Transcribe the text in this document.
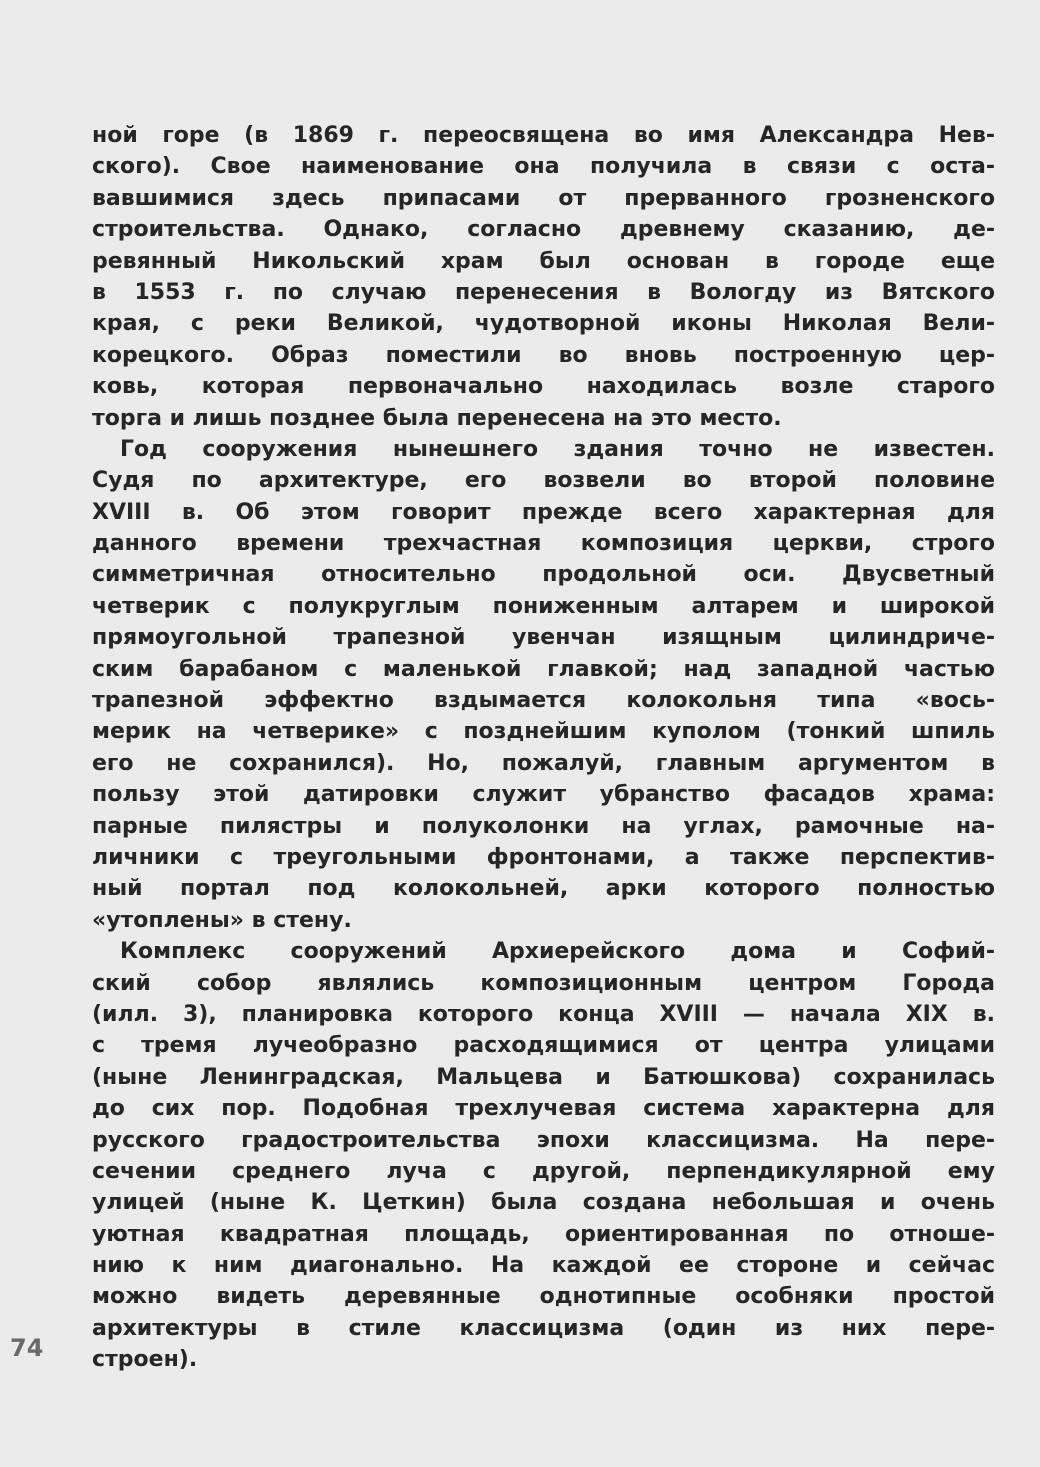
ной горе (в 1869 г. переосвящена во имя Александра Нев-
ского). Свое наименование она получила в связи с оста-
вавшимися здесь припасами от прерванного грозненского
строительства. Однако, согласно древнему сказанию, де-
ревянный Никольский храм был основан в городе еще
в 1553 г. по случаю перенесения в Вологду из Вятского
края, с реки Великой, чудотворной иконы Николая Вели-
корецкого. Образ поместили во вновь построенную цер-
ковь, которая первоначально находилась возле старого
торга и лишь позднее была перенесена на это место.
Год сооружения нынешнего здания точно не известен.
Судя по архитектуре, его возвели во второй половине
XVIII в. Об этом говорит прежде всего характерная для
данного времени трехчастная композиция церкви, строго
симметричная относительно продольной оси. Двусветный
четверик с полукруглым пониженным алтарем и широкой
прямоугольной трапезной увенчан изящным цилиндриче-
ским барабаном с маленькой главкой; над западной частью
трапезной эффектно вздымается колокольня типа «вось-
мерик на четверике» с позднейшим куполом (тонкий шпиль
его не сохранился). Но, пожалуй, главным аргументом в
пользу этой датировки служит убранство фасадов храма:
парные пилястры и полуколонки на углах, рамочные на-
личники с треугольными фронтонами, а также перспектив-
ный портал под колокольней, арки которого полностью
«утоплены» в стену.
Комплекс сооружений Архиерейского дома и Софий-
ский собор являлись композиционным центром Города
(илл. 3), планировка которого конца XVIII — начала XIX в.
с тремя лучеобразно расходящимися от центра улицами
(ныне Ленинградская, Мальцева и Батюшкова) сохранилась
до сих пор. Подобная трехлучевая система характерна для
русского градостроительства эпохи классицизма. На пере-
сечении среднего луча с другой, перпендикулярной ему
улицей (ныне К. Цеткин) была создана небольшая и очень
уютная квадратная площадь, ориентированная по отноше-
нию к ним диагонально. На каждой ее стороне и сейчас
можно видеть деревянные однотипные особняки простой
архитектуры в стиле классицизма (один из них пере-
строен).
74
